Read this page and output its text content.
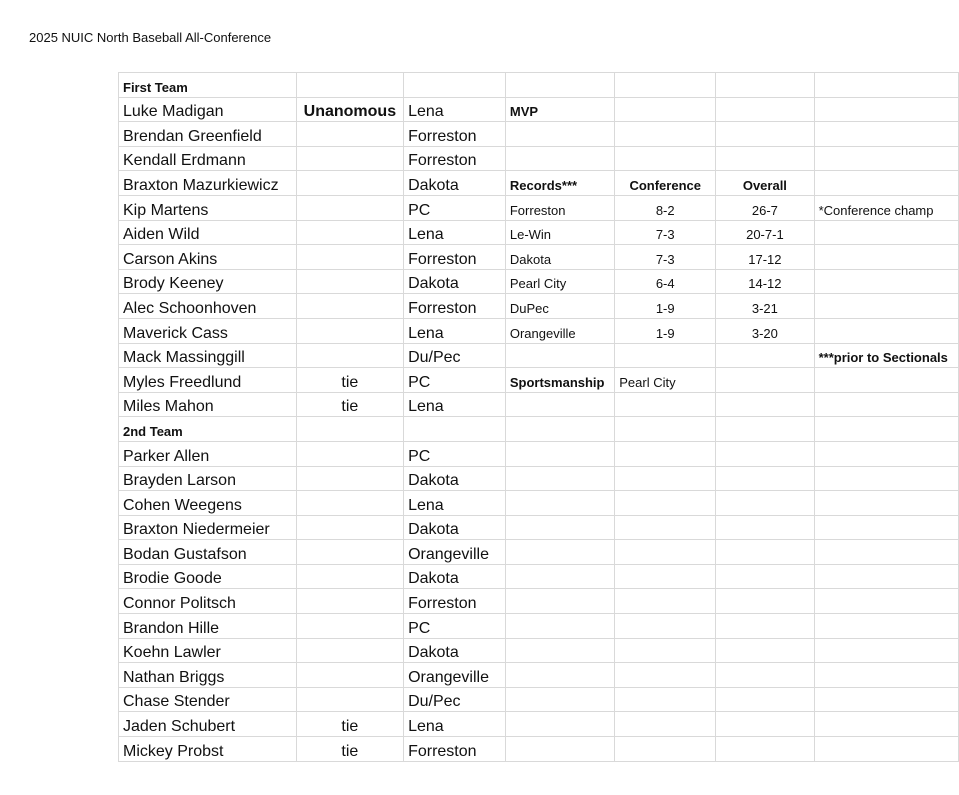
2025 NUIC North Baseball All-Conference
First Team						
Luke Madigan	Unanomous	Lena	MVP			
Brendan Greenfield		Forreston				
Kendall Erdmann		Forreston				
Braxton Mazurkiewicz		Dakota	Records***	Conference	Overall	
Kip Martens		PC	Forreston	8-2	26-7	*Conference champ
Aiden Wild		Lena	Le-Win	7-3	20-7-1	
Carson Akins		Forreston	Dakota	7-3	17-12	
Brody Keeney		Dakota	Pearl City	6-4	14-12	
Alec Schoonhoven		Forreston	DuPec	1-9	3-21	
Maverick Cass		Lena	Orangeville	1-9	3-20	
Mack Massinggill		Du/Pec				***prior to Sectionals
Myles Freedlund	tie	PC	Sportsmanship	Pearl City		
Miles Mahon	tie	Lena				
2nd Team						
Parker Allen		PC				
Brayden Larson		Dakota				
Cohen Weegens		Lena				
Braxton Niedermeier		Dakota				
Bodan Gustafson		Orangeville				
Brodie Goode		Dakota				
Connor Politsch		Forreston				
Brandon Hille		PC				
Koehn Lawler		Dakota				
Nathan Briggs		Orangeville				
Chase Stender		Du/Pec				
Jaden Schubert	tie	Lena				
Mickey Probst	tie	Forreston				
